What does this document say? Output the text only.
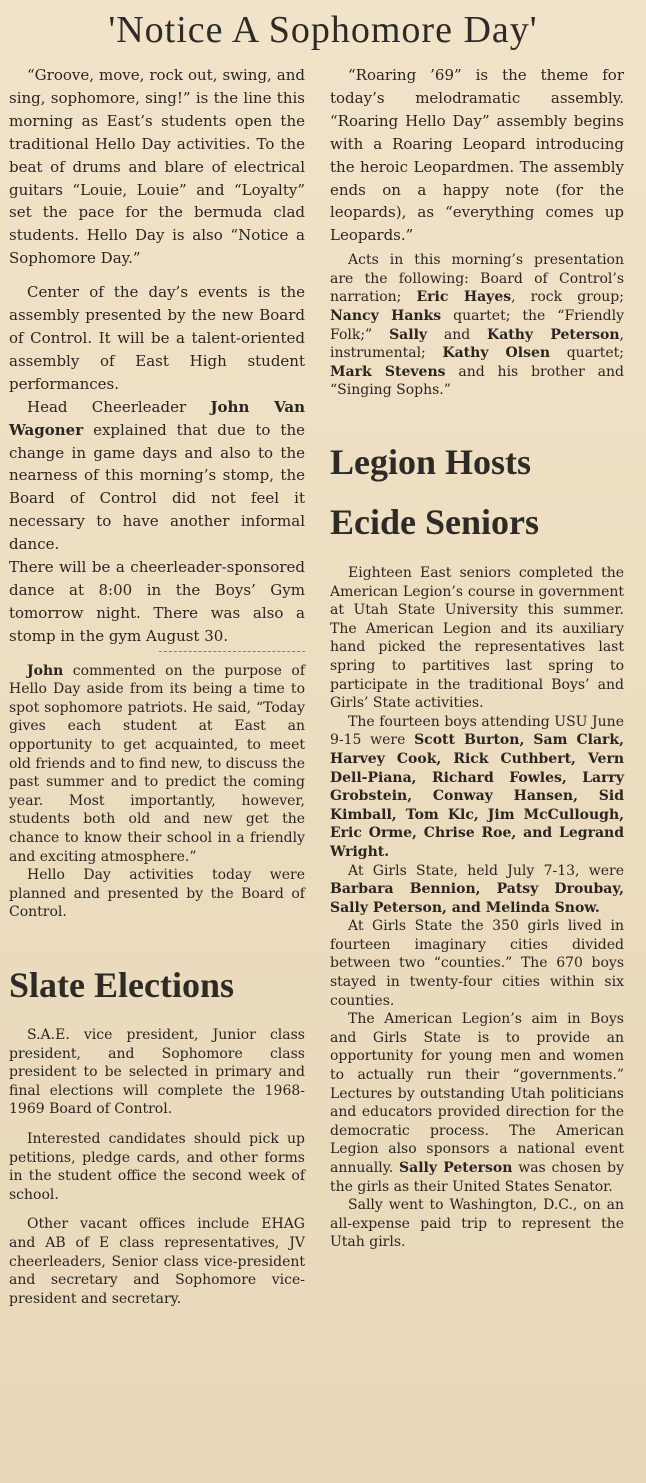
'Notice A Sophomore Day'

“Groove, move, rock out, swing, and sing, sophomore, sing!” is the line this morning as East’s students open the traditional Hello Day activities. To the beat of drums and blare of electrical guitars “Louie, Louie” and “Loyalty” set the pace for the bermuda clad students. Hello Day is also “Notice a Sophomore Day.”

Center of the day’s events is the assembly presented by the new Board of Control. It will be a talent-oriented assembly of East High student performances.

Head Cheerleader John Van Wagoner explained that due to the change in game days and also to the nearness of this morning’s stomp, the Board of Control did not feel it necessary to have another informal dance.

There will be a cheerleader-sponsored dance at 8:00 in the Boys’ Gym tomorrow night. There was also a stomp in the gym August 30.

John commented on the purpose of Hello Day aside from its being a time to spot sophomore patriots. He said, “Today gives each student at East an opportunity to get acquainted, to meet old friends and to find new, to discuss the past summer and to predict the coming year. Most importantly, however, students both old and new get the chance to know their school in a friendly and exciting atmosphere.”

Hello Day activities today were planned and presented by the Board of Control.

Slate Elections

S.A.E. vice president, Junior class president, and Sophomore class president to be selected in primary and final elections will complete the 1968-1969 Board of Control.

Interested candidates should pick up petitions, pledge cards, and other forms in the student office the second week of school.

Other vacant offices include EHAG and AB of E class representatives, JV cheerleaders, Senior class vice-president and secretary and Sophomore vice-president and secretary.

“Roaring ’69” is the theme for today’s melodramatic assembly. “Roaring Hello Day” assembly begins with a Roaring Leopard introducing the heroic Leopardmen. The assembly ends on a happy note (for the leopards), as “everything comes up Leopards.”

Acts in this morning’s presentation are the following: Board of Control’s narration; Eric Hayes, rock group; Nancy Hanks quartet; the “Friendly Folk;” Sally and Kathy Peterson, instrumental; Kathy Olsen quartet; Mark Stevens and his brother and “Singing Sophs.”

Legion Hosts
Ecide Seniors

Eighteen East seniors completed the American Legion’s course in government at Utah State University this summer. The American Legion and its auxiliary hand picked the representatives last spring to partitives last spring to participate in the traditional Boys’ and Girls’ State activities.

The fourteen boys attending USU June 9-15 were Scott Burton, Sam Clark, Harvey Cook, Rick Cuthbert, Vern Dell-Piana, Richard Fowles, Larry Grobstein, Conway Hansen, Sid Kimball, Tom Klc, Jim McCullough, Eric Orme, Chrise Roe, and Legrand Wright.

At Girls State, held July 7-13, were Barbara Bennion, Patsy Droubay, Sally Peterson, and Melinda Snow.

At Girls State the 350 girls lived in fourteen imaginary cities divided between two “counties.” The 670 boys stayed in twenty-four cities within six counties.

The American Legion’s aim in Boys and Girls State is to provide an opportunity for young men and women to actually run their “governments.” Lectures by outstanding Utah politicians and educators provided direction for the democratic process. The American Legion also sponsors a national event annually. Sally Peterson was chosen by the girls as their United States Senator.

Sally went to Washington, D.C., on an all-expense paid trip to represent the Utah girls.
